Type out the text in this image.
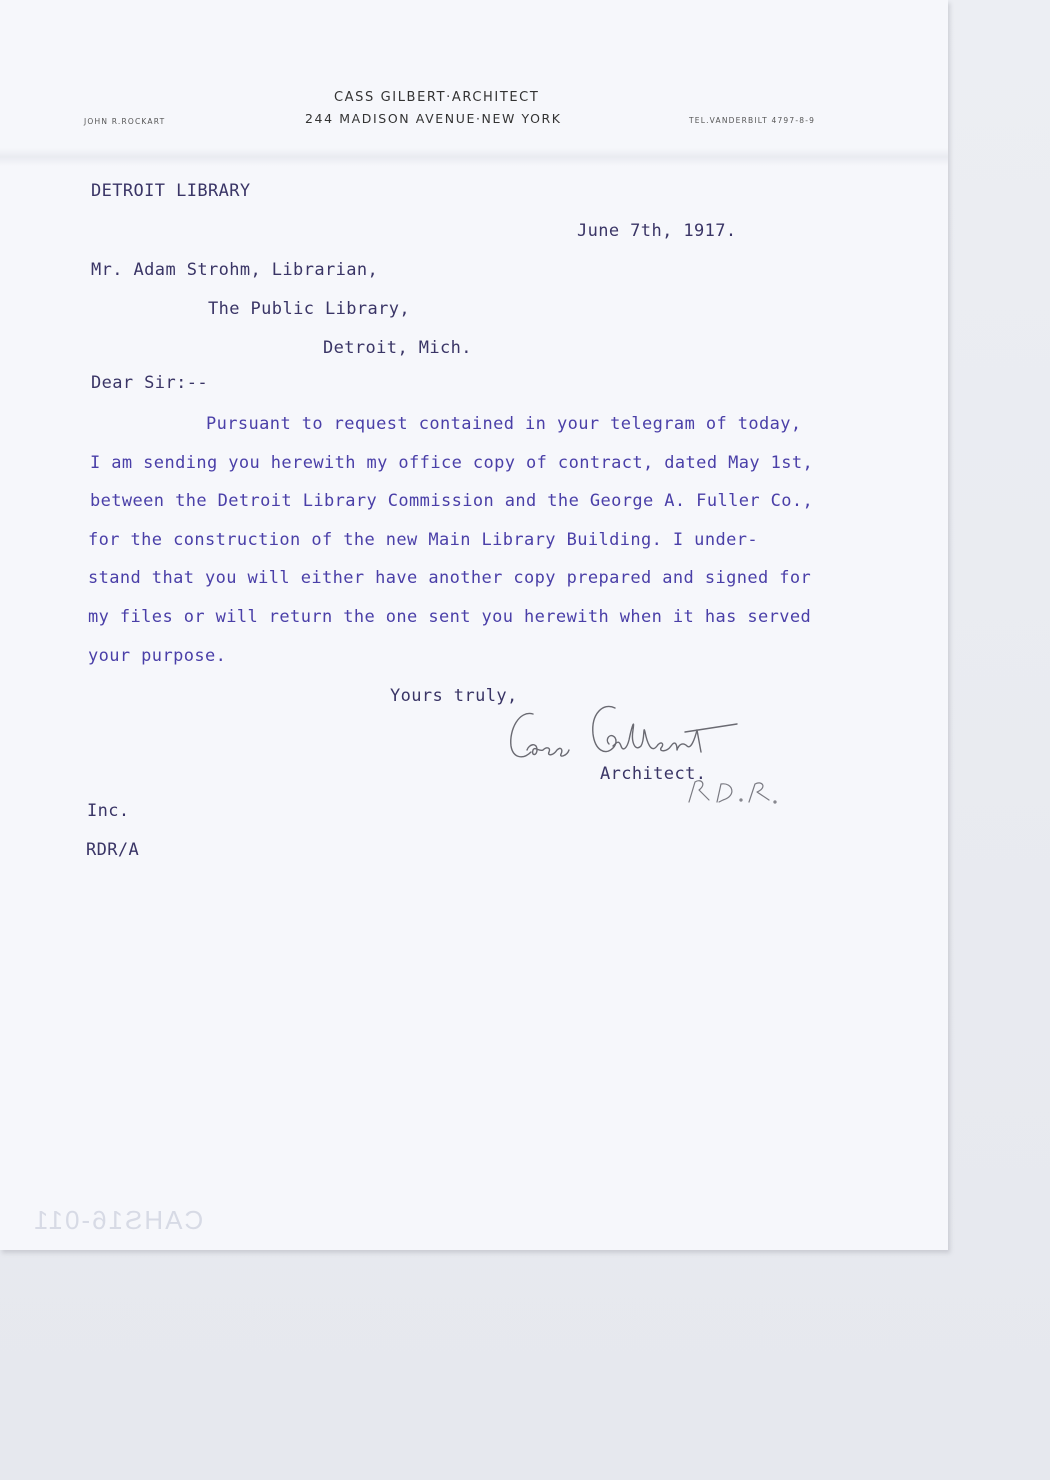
CASS GILBERT·ARCHITECT
244 MADISON AVENUE·NEW YORK
JOHN R.ROCKART	TEL.VANDERBILT 4797-8-9
DETROIT LIBRARY
June 7th, 1917.
Mr. Adam Strohm, Librarian,
The Public Library,
Detroit, Mich.
Dear Sir:--
Pursuant to request contained in your telegram of today,
I am sending you herewith my office copy of contract, dated May 1st,
between the Detroit Library Commission and the George A. Fuller Co.,
for the construction of the new Main Library Building. I under-
stand that you will either have another copy prepared and signed for
my files or will return the one sent you herewith when it has served
your purpose.
Yours truly,
Architect.
Inc.
RDR/A
CAHS16-011
